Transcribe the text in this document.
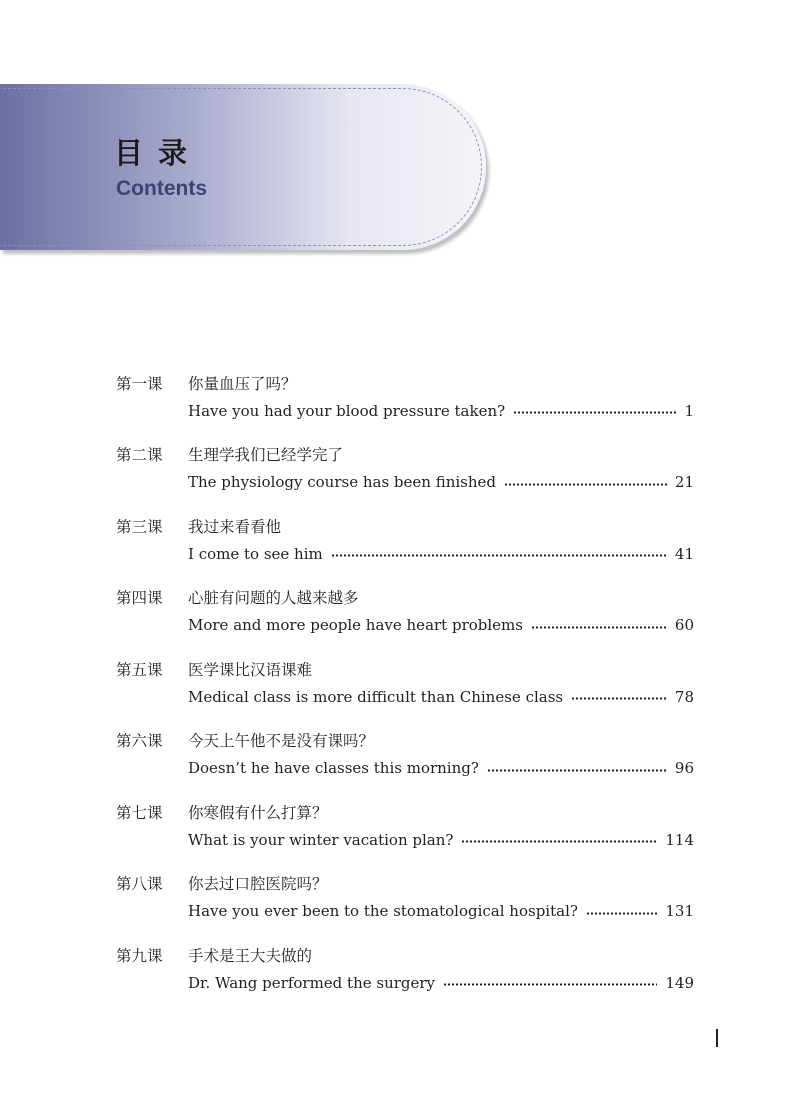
目录
Contents
第一课	你量血压了吗？
Have you had your blood pressure taken?	1
第二课	生理学我们已经学完了
The physiology course has been finished	21
第三课	我过来看看他
I come to see him	41
第四课	心脏有问题的人越来越多
More and more people have heart problems	60
第五课	医学课比汉语课难
Medical class is more difficult than Chinese class	78
第六课	今天上午他不是没有课吗？
Doesn’t he have classes this morning?	96
第七课	你寒假有什么打算？
What is your winter vacation plan?	114
第八课	你去过口腔医院吗？
Have you ever been to the stomatological hospital?	131
第九课	手术是王大夫做的
Dr. Wang performed the surgery	149
